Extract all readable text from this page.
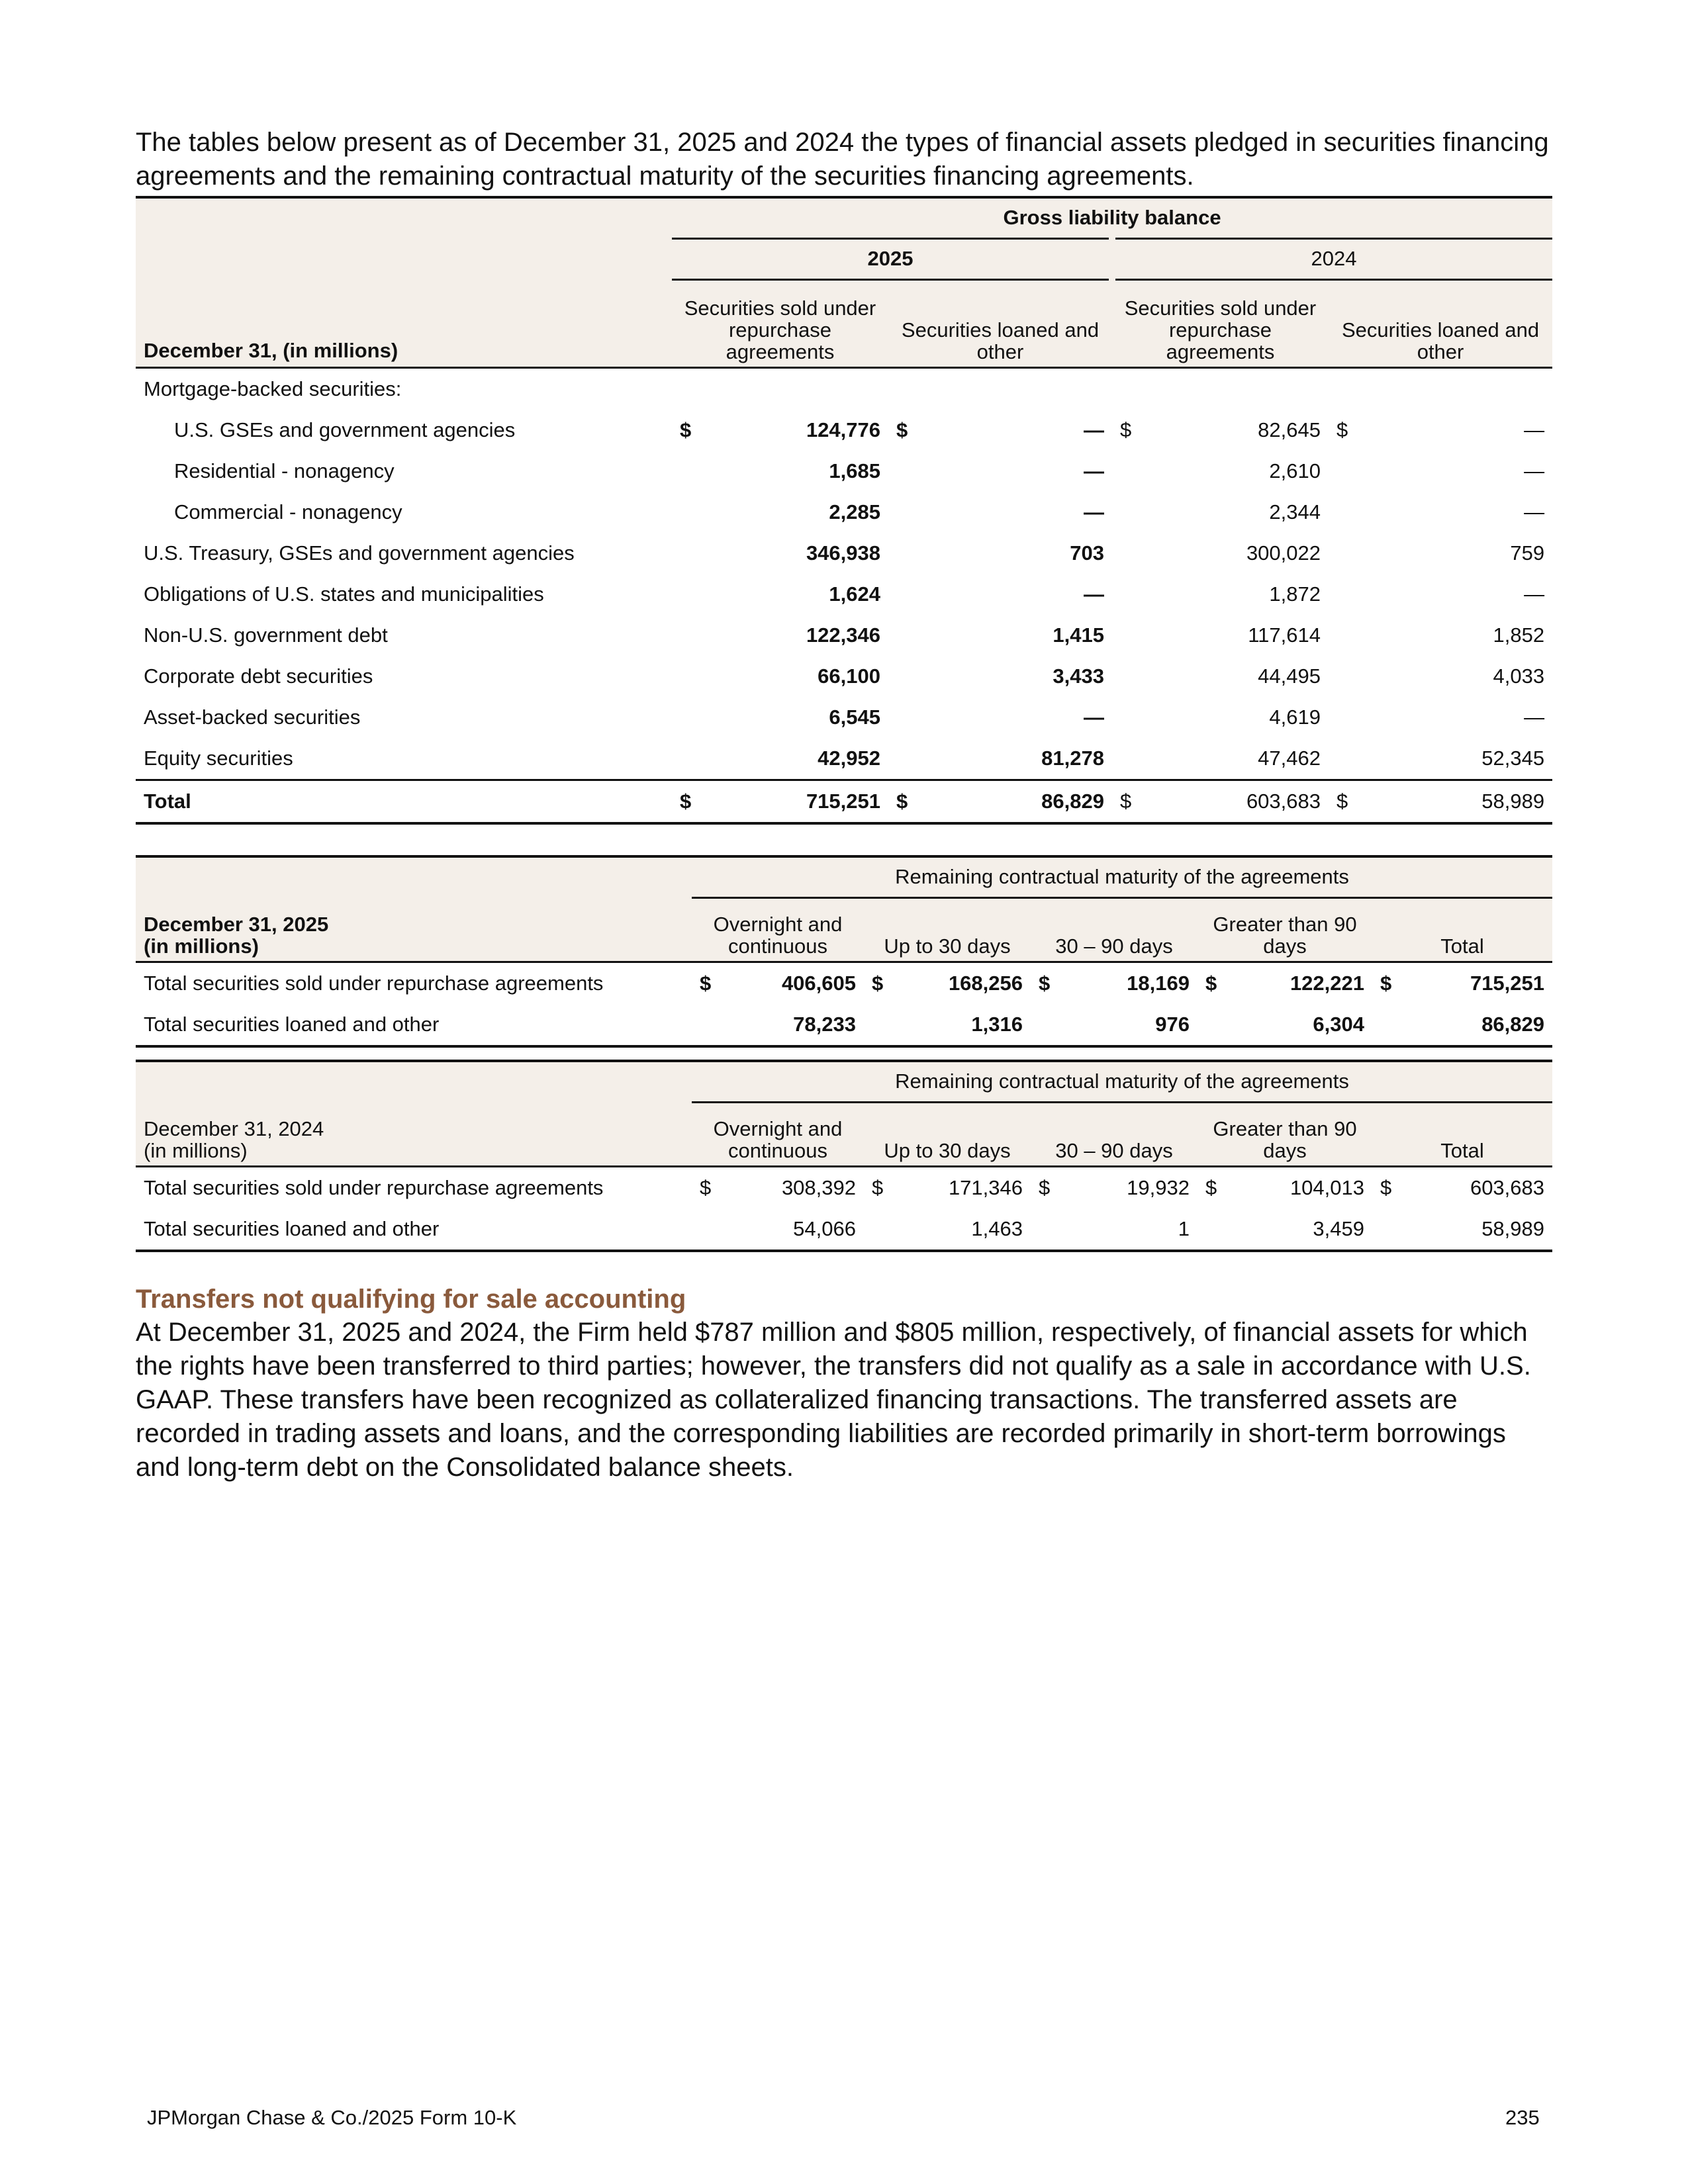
The tables below present as of December 31, 2025 and 2024 the types of financial assets pledged in securities financing agreements and the remaining contractual maturity of the securities financing agreements.

	Gross liability balance							
	2025				2024			
December 31, (in millions)	Securities sold under repurchase agreements		Securities loaned and other		Securities sold under repurchase agreements		Securities loaned and other	
Mortgage-backed securities:								
U.S. GSEs and government agencies	$	124,776	$	—	$	82,645	$	—
Residential - nonagency		1,685		—		2,610		—
Commercial - nonagency		2,285		—		2,344		—
U.S. Treasury, GSEs and government agencies		346,938		703		300,022		759
Obligations of U.S. states and municipalities		1,624		—		1,872		—
Non-U.S. government debt		122,346		1,415		117,614		1,852
Corporate debt securities		66,100		3,433		44,495		4,033
Asset-backed securities		6,545		—		4,619		—
Equity securities		42,952		81,278		47,462		52,345
Total	$	715,251	$	86,829	$	603,683	$	58,989
	Remaining contractual maturity of the agreements									
December 31, 2025
(in millions)	Overnight and continuous		Up to 30 days		30 – 90 days		Greater than 90 days		Total	
Total securities sold under repurchase agreements	$	406,605	$	168,256	$	18,169	$	122,221	$	715,251
Total securities loaned and other		78,233		1,316		976		6,304		86,829
	Remaining contractual maturity of the agreements									
December 31, 2024
(in millions)	Overnight and continuous		Up to 30 days		30 – 90 days		Greater than 90 days		Total	
Total securities sold under repurchase agreements	$	308,392	$	171,346	$	19,932	$	104,013	$	603,683
Total securities loaned and other		54,066		1,463		1		3,459		58,989

Transfers not qualifying for sale accounting

At December 31, 2025 and 2024, the Firm held $787 million and $805 million, respectively, of financial assets for which the rights have been transferred to third parties; however, the transfers did not qualify as a sale in accordance with U.S. GAAP. These transfers have been recognized as collateralized financing transactions. The transferred assets are recorded in trading assets and loans, and the corresponding liabilities are recorded primarily in short-term borrowings and long-term debt on the Consolidated balance sheets.

JPMorgan Chase & Co./2025 Form 10-K	235
